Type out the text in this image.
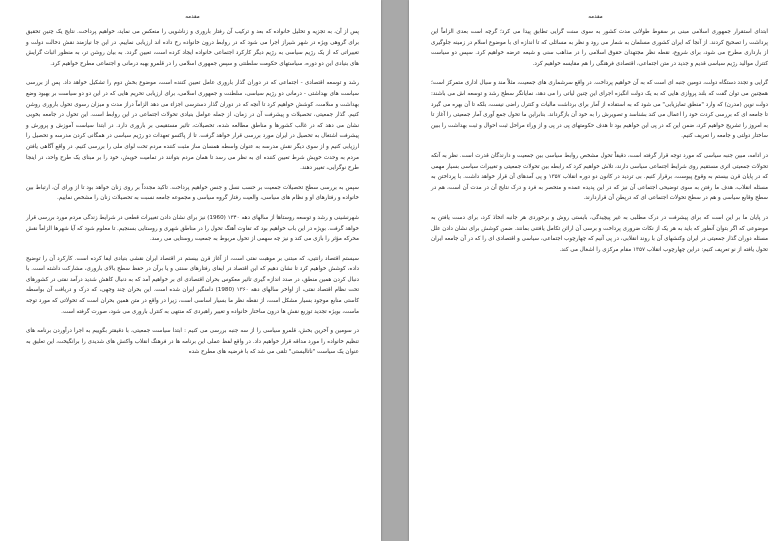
مقدمه

پس از آن، به تجزیه و تحلیل خانواده که بعد و ترکیب آن رفتار باروری و زناشویی را منعکس می نماید، خواهیم پرداخت. نتایج یک چنین تحقیق برای گروهی ویژه در شهر شیراز اجرا می شود که در روابط درون خانواده رخ داده اند ارزیابی نماییم. در این جا نیازمند نقش دخالت دولت و تغییراتی که از یک رژیم سیاسی به رژیم دیگر کارکرد اجتماعی خانواده ایجاد کرده است، تعیین گردد. به بیان روشن تر، به منظور اثبات گرایش های بنیادی این دو دوره، سیاستهای حکومت سلطنتی و سپس جمهوری اسلامی را در قلمرو بهبه درمانی و اجتماعی مطرح خواهیم کرد.

رشد و توسعه اقتصادی - اجتماعی که در دوران گذار باروری عامل تعیین کننده است، موضوع بخش دوم را تشکیل خواهد داد. پس از بررسی سیاست های بهداشتی - درمانی دو رژیم سیاسی، سلطنت و جمهوری اسلامی، برای ارزیابی تحریم هایی که در این دو دو سیاست بر بهبود وضع بهداشت و سلامت، کوشش خواهیم کرد تا آنچه که در دوران گذار دسترسی اجزاء می دهد الزاماً دراز مدت و میزان رسوی تحول باروری روشن کنیم. گذار جمعیتی، تحصیلات و پیشرفت آن در زمان، از جمله عوامل بنیادی تحولات اجتماعی در این روابط است. این تحول در جامعه بخوبی نشان می دهد که در غالب کشورها و مناطق مطالعه شده، تحصیلات، تاثیر مستقیمی بر باروری دارد. در ابتدا سیاست آموزش و پرورش و پیشرفت اشتغال به تحصیل در ایران مورد بررسی قرار خواهد گرفت. تا از پاکسو تعهدات دو رژیم سیاسی در همگانی کردن مدرسه و تحصیل را ارزیابی کنیم و از سوی دیگر نقش مدرسه به عنوان واسطه همسان ساز مثبت کننده مردم تحت لوای ملی را بررسی کنیم. در واقع آگاهی یافتن مردم به وحدت خویش شرط تعیین کننده ای به نظر می رسد تا همان مردم بتوانند در تمامیت خویش، خود را بر مبنای یک طرح واحد، در اینجا طرح نوگرایی، تغییر دهند.

سپس به بررسی سطح تحصیلات جمعیت بر حسب نسل و جنس خواهیم پرداخت. تاکید مجدداً بر روی زنان خواهد بود تا از ورای آن، ارتباط بین خانواده و رفتارهای او و نظام های سیاسی، والعیت رفتار گروه سیاسی و مجموعه جامعه نسبت به تحصیلات زنان را مشخص نماییم.

شهرنشینی و رشد و توسعه روستاها از سالهای دهه ۱۳۴۰ (1960) نیز برای نشان دادن تغییرات قطعی در شرایط زندگی مردم مورد بررسی قرار خواهد گرفت. بویژه در این باب خواهیم بود که تفاوت آهنگ تحول را در مناطق شهری و روستایی بسنجیم. تا معلوم شود که آیا شهرها الزاماً نقش محرکه مؤثر را بازی می کند و نیز چه سهمی از تحول مربوط به جمعیت روستایی می رسد.

سیستم اقتصاد رانتیی، که مبتنی بر موهبت نفتی است، از آغاز قرن بیستم در اقتصاد ایران نقشی بنیادی ایفا کرده است. کارکرد آن را توضیح داده، کوشش خواهیم کرد تا نشان دهیم که این اقتصاد در ایفای رفتارهای سنتی و یا برآن در حفظ سطح بالای باروری، مشارکت داشته است. با دنبال کردن همین منطق، در صدد اندازه گیری تاثیر معکوس بحران اقتصادی ای بر خواهیم آمد که به دنبال کاهش شدید درآمد نفتی در کشورهای تحت نظام اقتصاد نفتی، از اواخر سالهای دهه ۱۳۶۰ (1980) دامنگیر ایران شده است. این بحران چند وجهی، که درک و دریافت آن بواسطه کاستی منابع موجود بسیار مشکل است، از نقطه نظر ما بسیار اساسی است، زیرا در واقع در متن همین بحران است که تحولاتی که مورد توجه ماست، بویژه تجدید توزیع نقش ها درون ساختار خانواده و تغییر راهبردی که منتهی به کنترل باروری می شود، صورت گرفته است.

در سومین و آخرین بخش، قلمرو سیاسی را از سه جنبه بررسی می کنیم : ابتدا سیاست جمعیتی، با دقیقتر بگوییم به اجرا درآوردن برنامه های تنظیم خانواده را مورد مداقه قرار خواهیم داد. در واقع لفظ عملی این برنامه ها در فرهنگ انقلاب واکنش های شدیدی را برانگیخت، این تعلیق به عنوان یک سیاست "ناتالیستی" تلقی می شد که با فرضیه های مطرح شده

مقدمه

ابتدای استقرار جمهوری اسلامی مبنی بر سقوط طولانی مدت کشور به سوی سنت گرایی تطابق پیدا می کرد؛ گرچه است بعدی الزاماً این پرداشت را تصحیح کردند. از آنجا که ایران کشوری مسلمان به شمار می رود و نظر به مسائلی که تا اندازه ای با موضوع اسلام در زمینه جلوگیری از بارداری مطرح می شود، برای شروع، نقطه نظر مجتهدان حقوق اسلامی را در مذاهب سنی و شیعه عرضه خواهیم کرد. سپس دو سیاست کنترل موالید رژیم سیاسی قدیم و جدید در متن اجتماعی، اقتصادی فرهنگی را هم مقایسه خواهیم کرد.

گرایی و تجدد دستگاه دولت، دومین جنبه ای است که به آن خواهیم پرداخت. در واقع سرشماری های جمعیت، مثلاً مند و سیال اداری متمرکز است؛ همچنین می توان گفت که بلند پروازی هایی که به یک دولت انگیزه اجرای این چنین لیاتی را می دهد، نمایانگر سطح رشد و توسعه اش می باشند: دولت نوین (مدرن) که وارد "منطق تمایزیابی" می شود که به استفاده از آمار برای برداشت مالیات و کنترل راضی نیست، بلکه تا آن بهره می گیرد تا جامعه ای که بررسی کردت خود را اعمال می کند بشناسد و تصویرش را به خود آن بازگرداند. بنابراین ما تحول جمع آوری آمار جمعیتی را آغاز تا به امروز را تشریح خواهیم کرد، ضمن این که در پی این خواهیم بود تا هدف حکومتهای پی در پی و از وراء مراحل ثبت احوال و ثبت بهداشت را ببین ساختار دولتی و جامعه را تعریف کنیم.

در ادامه، مبین جنبه سیاسی که مورد توجه قرار گرفته است، دقیقاً تحول مشخص روابط سیاسی بین جمعیت و دارندگان قدرت است. نظر به آنکه تحولات جمعیتی اثری مستقیم روی شرایط اجتماعی سیاسی دارند، تلاش خواهیم کرد که رابطه بین تحولات جمعیتی و تغییرات سیاسی بسیار مهمی که در پایان قرن بیستم به وقوع پیوست، برقرار کنیم. بی تردید در کانون دو دوره انقلاب ۱۳۵۷ و پی آمدهای آن قرار خواهد داشت. با پرداختن به مسئله انقلاب، هدف ما رفتن به سوی توضیحی اجتماعی آن نیز که در این پدیده عمده و متحصر به فرد و درک نتایج آن در مدت آن است، هم در سطح وقایع سیاسی و هم در سطح تحولات اجتماعی ای که درپطن آن قراردارند.

در پایان ما بر این است که برای پیشرفت در درک مطلبی به غیر پیچیدگی، بایستی روش و برخوردی هر جانبه اتخاذ کرد، برای دست یافتن به موضوعی که اگر بتوان آنطور که باید به هر یک از نکات ضروری پرداخت و برسی آن ارائن تکامل یافتنی بمانند. ضمن کوشش برای نشان دادن علل مسئله دوران گذار جمعیتی در ایران وکنشهای آن با روند انقلابی، در پی آنیم که چهارچوب اجتماعی، سیاسی و اقتصادی ای را که در آن جامعه ایران تحول یافته از نو تعریف کنیم: دراین چهارچوب انقلاب ۱۳۵۷ مقام مرکزی را اشغال می کند.
